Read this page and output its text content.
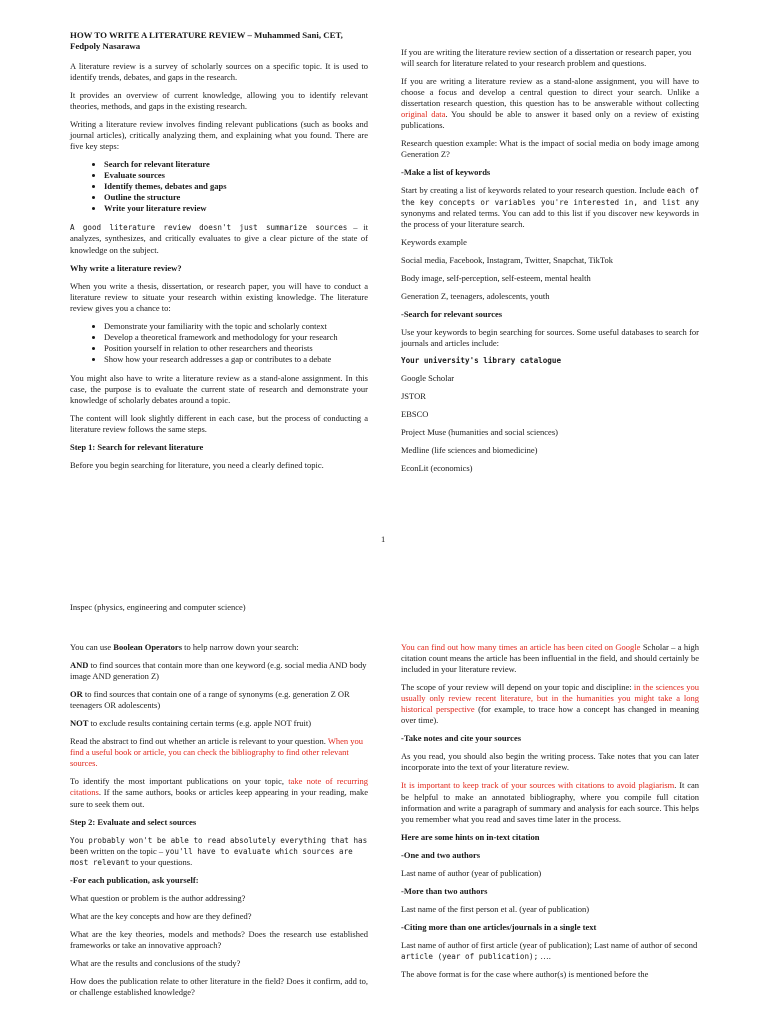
HOW TO WRITE A LITERATURE REVIEW – Muhammed Sani, CET, Fedpoly Nasarawa

A literature review is a survey of scholarly sources on a specific topic. It is used to identify trends, debates, and gaps in the research.

It provides an overview of current knowledge, allowing you to identify relevant theories, methods, and gaps in the existing research.

Writing a literature review involves finding relevant publications (such as books and journal articles), critically analyzing them, and explaining what you found. There are five key steps:

• Search for relevant literature
• Evaluate sources
• Identify themes, debates and gaps
• Outline the structure
• Write your literature review

A good literature review doesn't just summarize sources – it analyzes, synthesizes, and critically evaluates to give a clear picture of the state of knowledge on the subject.

Why write a literature review?

When you write a thesis, dissertation, or research paper, you will have to conduct a literature review to situate your research within existing knowledge. The literature review gives you a chance to:

• Demonstrate your familiarity with the topic and scholarly context
• Develop a theoretical framework and methodology for your research
• Position yourself in relation to other researchers and theorists
• Show how your research addresses a gap or contributes to a debate

You might also have to write a literature review as a stand-alone assignment. In this case, the purpose is to evaluate the current state of research and demonstrate your knowledge of scholarly debates around a topic.

The content will look slightly different in each case, but the process of conducting a literature review follows the same steps.

Step 1: Search for relevant literature

Before you begin searching for literature, you need a clearly defined topic.

If you are writing the literature review section of a dissertation or research paper, you will search for literature related to your research problem and questions.

If you are writing a literature review as a stand-alone assignment, you will have to choose a focus and develop a central question to direct your search. Unlike a dissertation research question, this question has to be answerable without collecting original data. You should be able to answer it based only on a review of existing publications.

Research question example: What is the impact of social media on body image among Generation Z?

-Make a list of keywords

Start by creating a list of keywords related to your research question. Include each of the key concepts or variables you're interested in, and list any synonyms and related terms. You can add to this list if you discover new keywords in the process of your literature search.

Keywords example

Social media, Facebook, Instagram, Twitter, Snapchat, TikTok

Body image, self-perception, self-esteem, mental health

Generation Z, teenagers, adolescents, youth

-Search for relevant sources

Use your keywords to begin searching for sources. Some useful databases to search for journals and articles include:

Your university's library catalogue

Google Scholar

JSTOR

EBSCO

Project Muse (humanities and social sciences)

Medline (life sciences and biomedicine)

EconLit (economics)

1
Inspec (physics, engineering and computer science)

You can use Boolean Operators to help narrow down your search:

AND to find sources that contain more than one keyword (e.g. social media AND body image AND generation Z)

OR to find sources that contain one of a range of synonyms (e.g. generation Z OR teenagers OR adolescents)

NOT to exclude results containing certain terms (e.g. apple NOT fruit)

Read the abstract to find out whether an article is relevant to your question. When you find a useful book or article, you can check the bibliography to find other relevant sources.

To identify the most important publications on your topic, take note of recurring citations. If the same authors, books or articles keep appearing in your reading, make sure to seek them out.

Step 2: Evaluate and select sources

You probably won't be able to read absolutely everything that has been written on the topic – you'll have to evaluate which sources are most relevant to your questions.

-For each publication, ask yourself:

What question or problem is the author addressing?

What are the key concepts and how are they defined?

What are the key theories, models and methods? Does the research use established frameworks or take an innovative approach?

What are the results and conclusions of the study?

How does the publication relate to other literature in the field? Does it confirm, add to, or challenge established knowledge?

You can find out how many times an article has been cited on Google Scholar – a high citation count means the article has been influential in the field, and should certainly be included in your literature review.

The scope of your review will depend on your topic and discipline: in the sciences you usually only review recent literature, but in the humanities you might take a long historical perspective (for example, to trace how a concept has changed in meaning over time).

-Take notes and cite your sources

As you read, you should also begin the writing process. Take notes that you can later incorporate into the text of your literature review.

It is important to keep track of your sources with citations to avoid plagiarism. It can be helpful to make an annotated bibliography, where you compile full citation information and write a paragraph of summary and analysis for each source. This helps you remember what you read and saves time later in the process.

Here are some hints on in-text citation
-One and two authors

Last name of author (year of publication)

-More than two authors

Last name of the first person et al. (year of publication)

-Citing more than one articles/journals in a single text

Last name of author of first article (year of publication); Last name of author of second article (year of publication); ….

The above format is for the case where author(s) is mentioned before the
